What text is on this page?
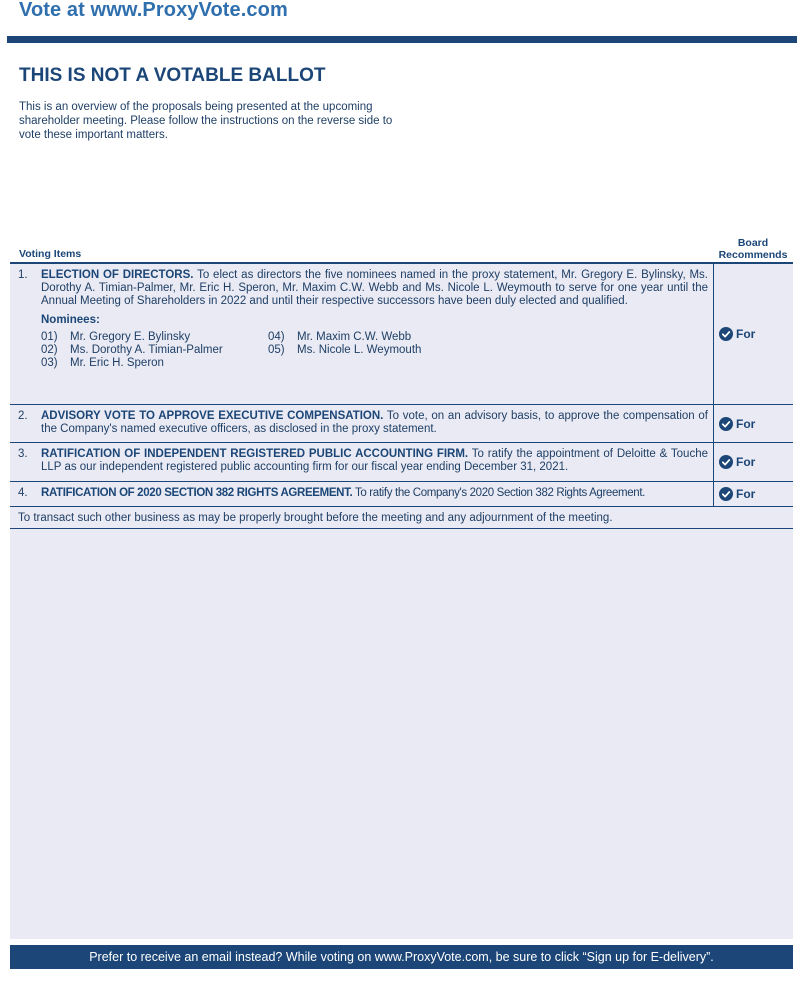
Vote at www.ProxyVote.com
THIS IS NOT A VOTABLE BALLOT
This is an overview of the proposals being presented at the upcoming shareholder meeting. Please follow the instructions on the reverse side to vote these important matters.
Voting Items
Board
Recommends
1.	ELECTION OF DIRECTORS. To elect as directors the five nominees named in the proxy statement, Mr. Gregory E. Bylinsky, Ms. Dorothy A. Timian-Palmer, Mr. Eric H. Speron, Mr. Maxim C.W. Webb and Ms. Nicole L. Weymouth to serve for one year until the Annual Meeting of Shareholders in 2022 and until their respective successors have been duly elected and qualified.
Nominees:
01) Mr. Gregory E. Bylinsky
02) Ms. Dorothy A. Timian-Palmer
03) Mr. Eric H. Speron
04) Mr. Maxim C.W. Webb
05) Ms. Nicole L. Weymouth
For
2.	ADVISORY VOTE TO APPROVE EXECUTIVE COMPENSATION. To vote, on an advisory basis, to approve the compensation of the Company's named executive officers, as disclosed in the proxy statement.	For
3.	RATIFICATION OF INDEPENDENT REGISTERED PUBLIC ACCOUNTING FIRM. To ratify the appointment of Deloitte & Touche LLP as our independent registered public accounting firm for our fiscal year ending December 31, 2021.	For
4.	RATIFICATION OF 2020 SECTION 382 RIGHTS AGREEMENT. To ratify the Company's 2020 Section 382 Rights Agreement.	For
To transact such other business as may be properly brought before the meeting and any adjournment of the meeting.
Prefer to receive an email instead? While voting on www.ProxyVote.com, be sure to click “Sign up for E-delivery”.
